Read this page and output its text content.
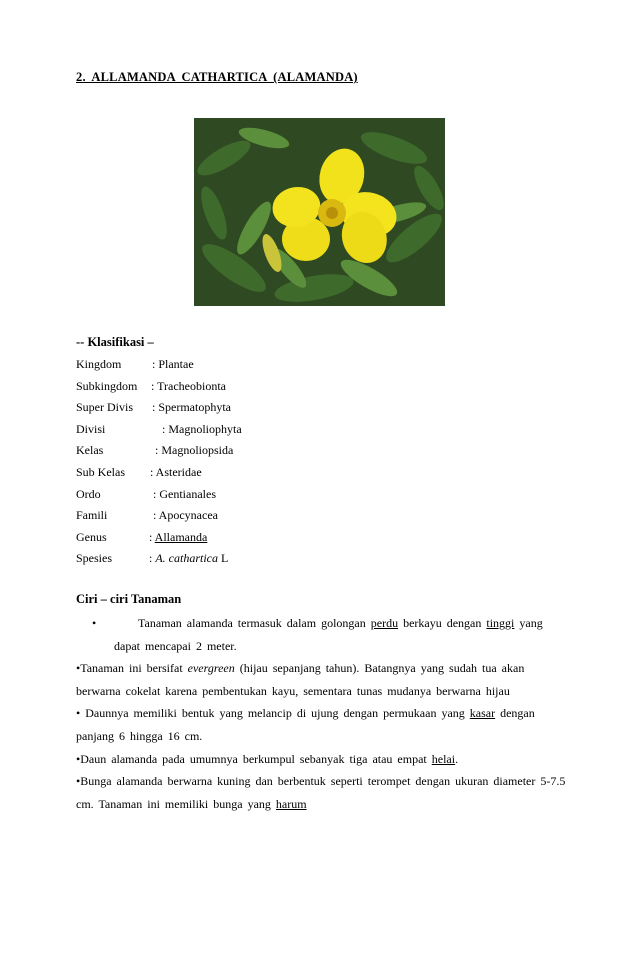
2. ALLAMANDA CATHARTICA (ALAMANDA)
-- Klasifikasi –
Kingdom	: Plantae
Subkingdom : Tracheobionta
Super Divis : Spermatophyta
Divisi	: Magnoliophyta
Kelas	: Magnoliopsida
Sub Kelas : Asteridae
Ordo	: Gentianales
Famili	: Apocynacea
Genus	: Allamanda
Spesies	: A. cathartica L
Ciri – ciri Tanaman
•	Tanaman alamanda termasuk dalam golongan perdu berkayu dengan tinggi yang
dapat mencapai 2 meter.
•Tanaman ini bersifat evergreen (hijau sepanjang tahun). Batangnya yang sudah tua akan
berwarna cokelat karena pembentukan kayu, sementara tunas mudanya berwarna hijau
• Daunnya memiliki bentuk yang melancip di ujung dengan permukaan yang kasar dengan
panjang 6 hingga 16 cm.
•Daun alamanda pada umumnya berkumpul sebanyak tiga atau empat helai.
•Bunga alamanda berwarna kuning dan berbentuk seperti terompet dengan ukuran diameter 5-7.5
cm. Tanaman ini memiliki bunga yang harum
